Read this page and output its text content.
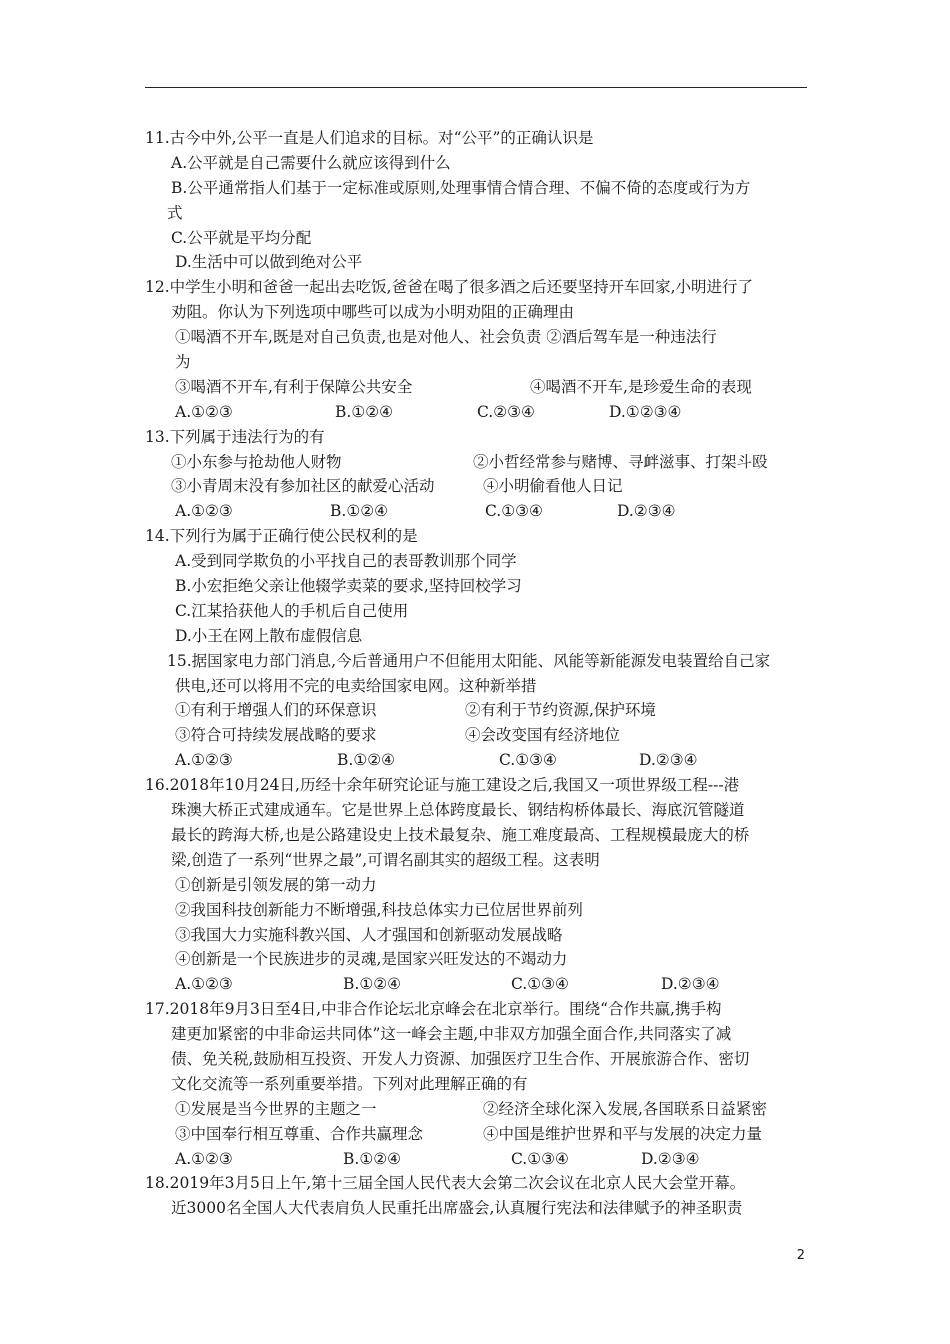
11.古今中外,公平一直是人们追求的目标。对“公平”的正确认识是
A.公平就是自己需要什么就应该得到什么
B.公平通常指人们基于一定标准或原则,处理事情合情合理、不偏不倚的态度或行为方
式
C.公平就是平均分配
D.生活中可以做到绝对公平
12.中学生小明和爸爸一起出去吃饭,爸爸在喝了很多酒之后还要坚持开车回家,小明进行了
劝阻。你认为下列选项中哪些可以成为小明劝阻的正确理由
①喝酒不开车,既是对自己负责,也是对他人、社会负责 ②酒后驾车是一种违法行
为
③喝酒不开车,有利于保障公共安全	④喝酒不开车,是珍爱生命的表现
A.①②③	B.①②④	C.②③④	D.①②③④
13.下列属于违法行为的有
①小东参与抢劫他人财物	②小哲经常参与赌博、寻衅滋事、打架斗殴
③小青周末没有参加社区的献爱心活动	④小明偷看他人日记
A.①②③	B.①②④	C.①③④	D.②③④
14.下列行为属于正确行使公民权利的是
A.受到同学欺负的小平找自己的表哥教训那个同学
B.小宏拒绝父亲让他辍学卖菜的要求,坚持回校学习
C.江某拾获他人的手机后自己使用
D.小王在网上散布虚假信息
15.据国家电力部门消息,今后普通用户不但能用太阳能、风能等新能源发电装置给自己家
供电,还可以将用不完的电卖给国家电网。这种新举措
①有利于增强人们的环保意识	②有利于节约资源,保护环境
③符合可持续发展战略的要求	④会改变国有经济地位
A.①②③	B.①②④	C.①③④	D.②③④
16.2018年10月24日,历经十余年研究论证与施工建设之后,我国又一项世界级工程---港
珠澳大桥正式建成通车。它是世界上总体跨度最长、钢结构桥体最长、海底沉管隧道
最长的跨海大桥,也是公路建设史上技术最复杂、施工难度最高、工程规模最庞大的桥
梁,创造了一系列“世界之最”,可谓名副其实的超级工程。这表明
①创新是引领发展的第一动力
②我国科技创新能力不断增强,科技总体实力已位居世界前列
③我国大力实施科教兴国、人才强国和创新驱动发展战略
④创新是一个民族进步的灵魂,是国家兴旺发达的不竭动力
A.①②③	B.①②④	C.①③④	D.②③④
17.2018年9月3日至4日,中非合作论坛北京峰会在北京举行。围绕“合作共赢,携手构
建更加紧密的中非命运共同体”这一峰会主题,中非双方加强全面合作,共同落实了减
债、免关税,鼓励相互投资、开发人力资源、加强医疗卫生合作、开展旅游合作、密切
文化交流等一系列重要举措。下列对此理解正确的有
①发展是当今世界的主题之一	②经济全球化深入发展,各国联系日益紧密
③中国奉行相互尊重、合作共赢理念	④中国是维护世界和平与发展的决定力量
A.①②③	B.①②④	C.①③④	D.②③④
18.2019年3月5日上午,第十三届全国人民代表大会第二次会议在北京人民大会堂开幕。
近3000名全国人大代表肩负人民重托出席盛会,认真履行宪法和法律赋予的神圣职责
2
